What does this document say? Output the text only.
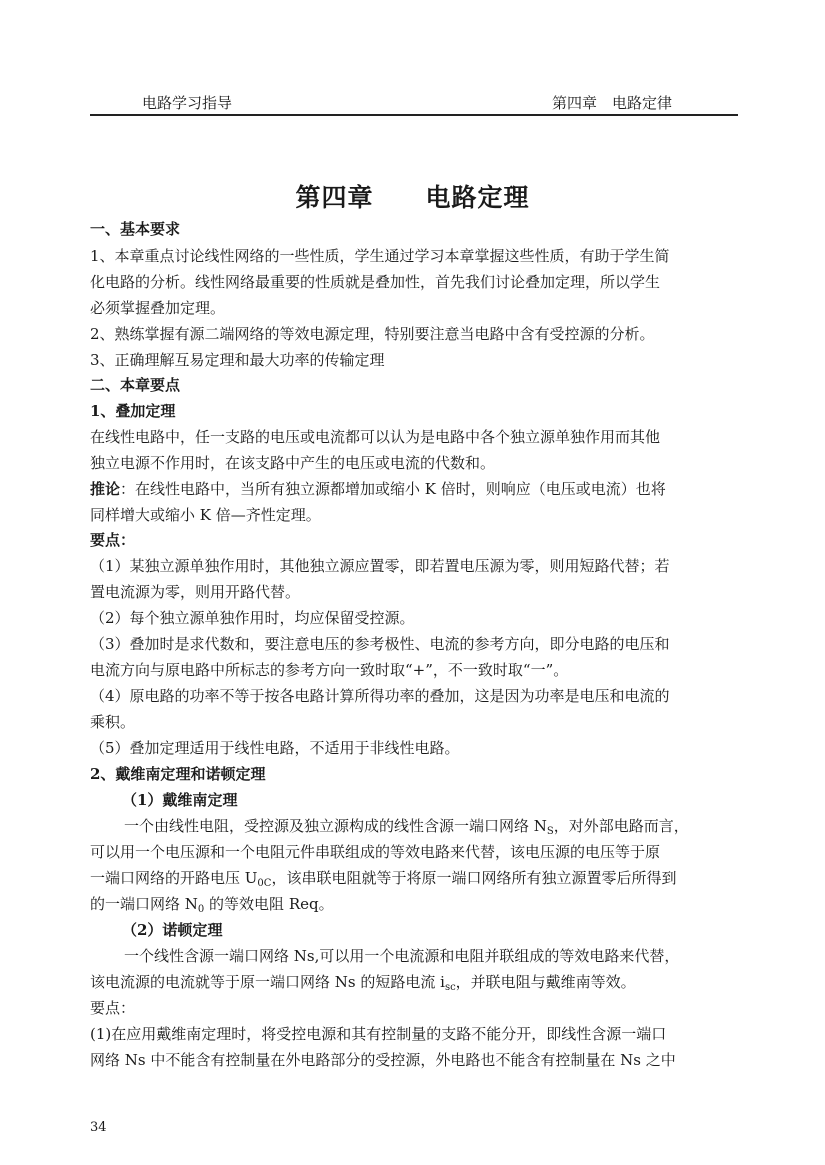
电路学习指导	第四章　电路定律
第四章　　电路定理
一、基本要求
1、本章重点讨论线性网络的一些性质，学生通过学习本章掌握这些性质，有助于学生简
化电路的分析。线性网络最重要的性质就是叠加性，首先我们讨论叠加定理，所以学生
必须掌握叠加定理。
2、熟练掌握有源二端网络的等效电源定理，特别要注意当电路中含有受控源的分析。
3、正确理解互易定理和最大功率的传输定理
二、本章要点
1、叠加定理
在线性电路中，任一支路的电压或电流都可以认为是电路中各个独立源单独作用而其他
独立电源不作用时，在该支路中产生的电压或电流的代数和。
推论：在线性电路中，当所有独立源都增加或缩小 K 倍时，则响应（电压或电流）也将
同样增大或缩小 K 倍—齐性定理。
要点：
（1）某独立源单独作用时，其他独立源应置零，即若置电压源为零，则用短路代替；若
置电流源为零，则用开路代替。
（2）每个独立源单独作用时，均应保留受控源。
（3）叠加时是求代数和，要注意电压的参考极性、电流的参考方向，即分电路的电压和
电流方向与原电路中所标志的参考方向一致时取“+”，不一致时取“一”。
（4）原电路的功率不等于按各电路计算所得功率的叠加，这是因为功率是电压和电流的
乘积。
（5）叠加定理适用于线性电路，不适用于非线性电路。
2、戴维南定理和诺顿定理
（1）戴维南定理
一个由线性电阻，受控源及独立源构成的线性含源一端口网络 $N_S$，对外部电路而言，
可以用一个电压源和一个电阻元件串联组成的等效电路来代替，该电压源的电压等于原
一端口网络的开路电压 $U_{0C}$，该串联电阻就等于将原一端口网络所有独立源置零后所得到
的一端口网络 $N_0$ 的等效电阻 Req。
（2）诺顿定理
一个线性含源一端口网络 Ns,可以用一个电流源和电阻并联组成的等效电路来代替，
该电流源的电流就等于原一端口网络 Ns 的短路电流 $i_{sc}$，并联电阻与戴维南等效。
要点：
(1)在应用戴维南定理时，将受控电源和其有控制量的支路不能分开，即线性含源一端口
网络 Ns 中不能含有控制量在外电路部分的受控源，外电路也不能含有控制量在 Ns 之中
34
